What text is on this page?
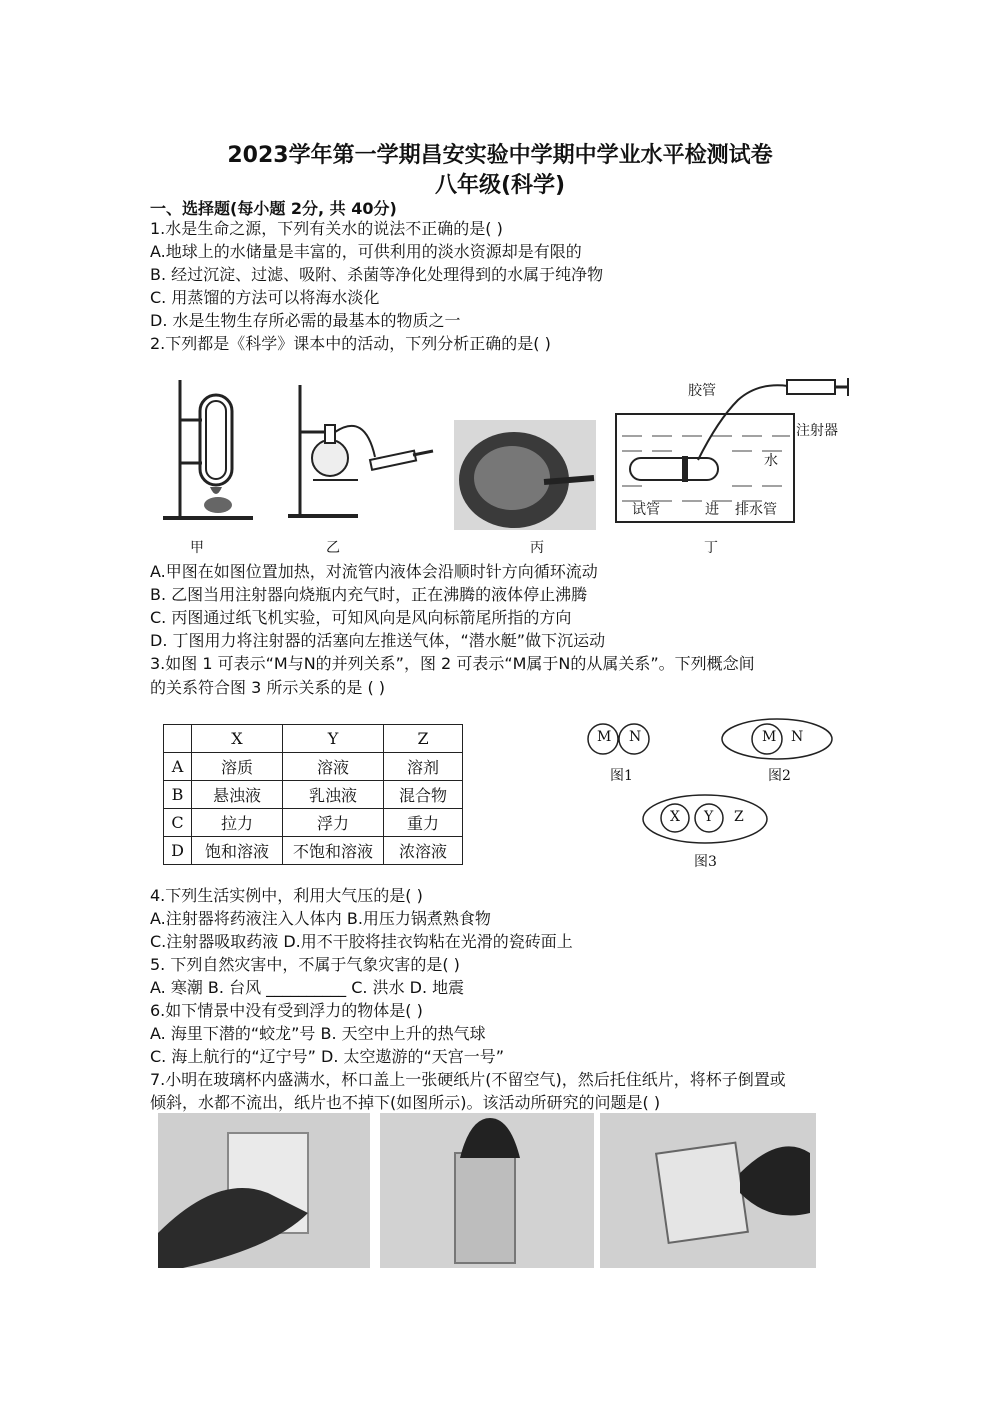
2023学年第一学期昌安实验中学期中学业水平检测试卷
八年级(科学)
一、选择题(每小题 2分, 共 40分)
1.水是生命之源，下列有关水的说法不正确的是( )
A.地球上的水储量是丰富的，可供利用的淡水资源却是有限的
B. 经过沉淀、过滤、吸附、杀菌等净化处理得到的水属于纯净物
C. 用蒸馏的方法可以将海水淡化
D. 水是生物生存所必需的最基本的物质之一
2.下列都是《科学》课本中的活动，下列分析正确的是( )
甲	乙	丙
胶管
注射器
水
试管	进 排水管
丁
A.甲图在如图位置加热，对流管内液体会沿顺时针方向循环流动
B. 乙图当用注射器向烧瓶内充气时，正在沸腾的液体停止沸腾
C. 丙图通过纸飞机实验，可知风向是风向标箭尾所指的方向
D. 丁图用力将注射器的活塞向左推送气体，“潜水艇”做下沉运动
3.如图 1 可表示“M与N的并列关系”，图 2 可表示“M属于N的从属关系”。下列概念间
的关系符合图 3 所示关系的是 ( )
	X	Y	Z
A	溶质	溶液	溶剂
B	悬浊液	乳浊液	混合物
C	拉力	浮力	重力
D	饱和溶液	不饱和溶液	浓溶液
M N
图1
M N
图2
X Y Z
图3
4.下列生活实例中，利用大气压的是( )
A.注射器将药液注入人体内 B.用压力锅煮熟食物
C.注射器吸取药液 D.用不干胶将挂衣钩粘在光滑的瓷砖面上
5. 下列自然灾害中，不属于气象灾害的是( )
A. 寒潮 B. 台风 __________ C. 洪水 D. 地震
6.如下情景中没有受到浮力的物体是( )
A. 海里下潜的“蛟龙”号 B. 天空中上升的热气球
C. 海上航行的“辽宁号” D. 太空遨游的“天宫一号”
7.小明在玻璃杯内盛满水，杯口盖上一张硬纸片(不留空气)，然后托住纸片，将杯子倒置或
倾斜，水都不流出，纸片也不掉下(如图所示)。该活动所研究的问题是( )
